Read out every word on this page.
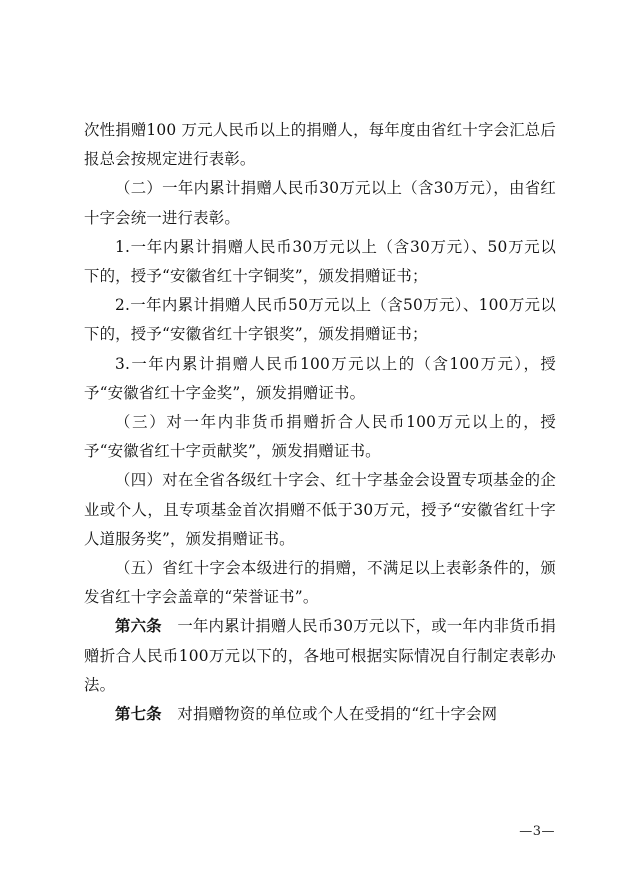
次性捐赠100 万元人民币以上的捐赠人，每年度由省红十字会汇总后报总会按规定进行表彰。

（二）一年内累计捐赠人民币30万元以上（含30万元），由省红十字会统一进行表彰。

1.一年内累计捐赠人民币30万元以上（含30万元）、50万元以下的，授予“安徽省红十字铜奖”，颁发捐赠证书；

2.一年内累计捐赠人民币50万元以上（含50万元）、100万元以下的，授予“安徽省红十字银奖”，颁发捐赠证书；

3.一年内累计捐赠人民币100万元以上的（含100万元），授予“安徽省红十字金奖”，颁发捐赠证书。

（三）对一年内非货币捐赠折合人民币100万元以上的，授予“安徽省红十字贡献奖”，颁发捐赠证书。

（四）对在全省各级红十字会、红十字基金会设置专项基金的企业或个人，且专项基金首次捐赠不低于30万元，授予“安徽省红十字人道服务奖”，颁发捐赠证书。

（五）省红十字会本级进行的捐赠，不满足以上表彰条件的，颁发省红十字会盖章的“荣誉证书”。

第六条　一年内累计捐赠人民币30万元以下，或一年内非货币捐赠折合人民币100万元以下的，各地可根据实际情况自行制定表彰办法。

第七条　对捐赠物资的单位或个人在受捐的“红十字会网

—3—
